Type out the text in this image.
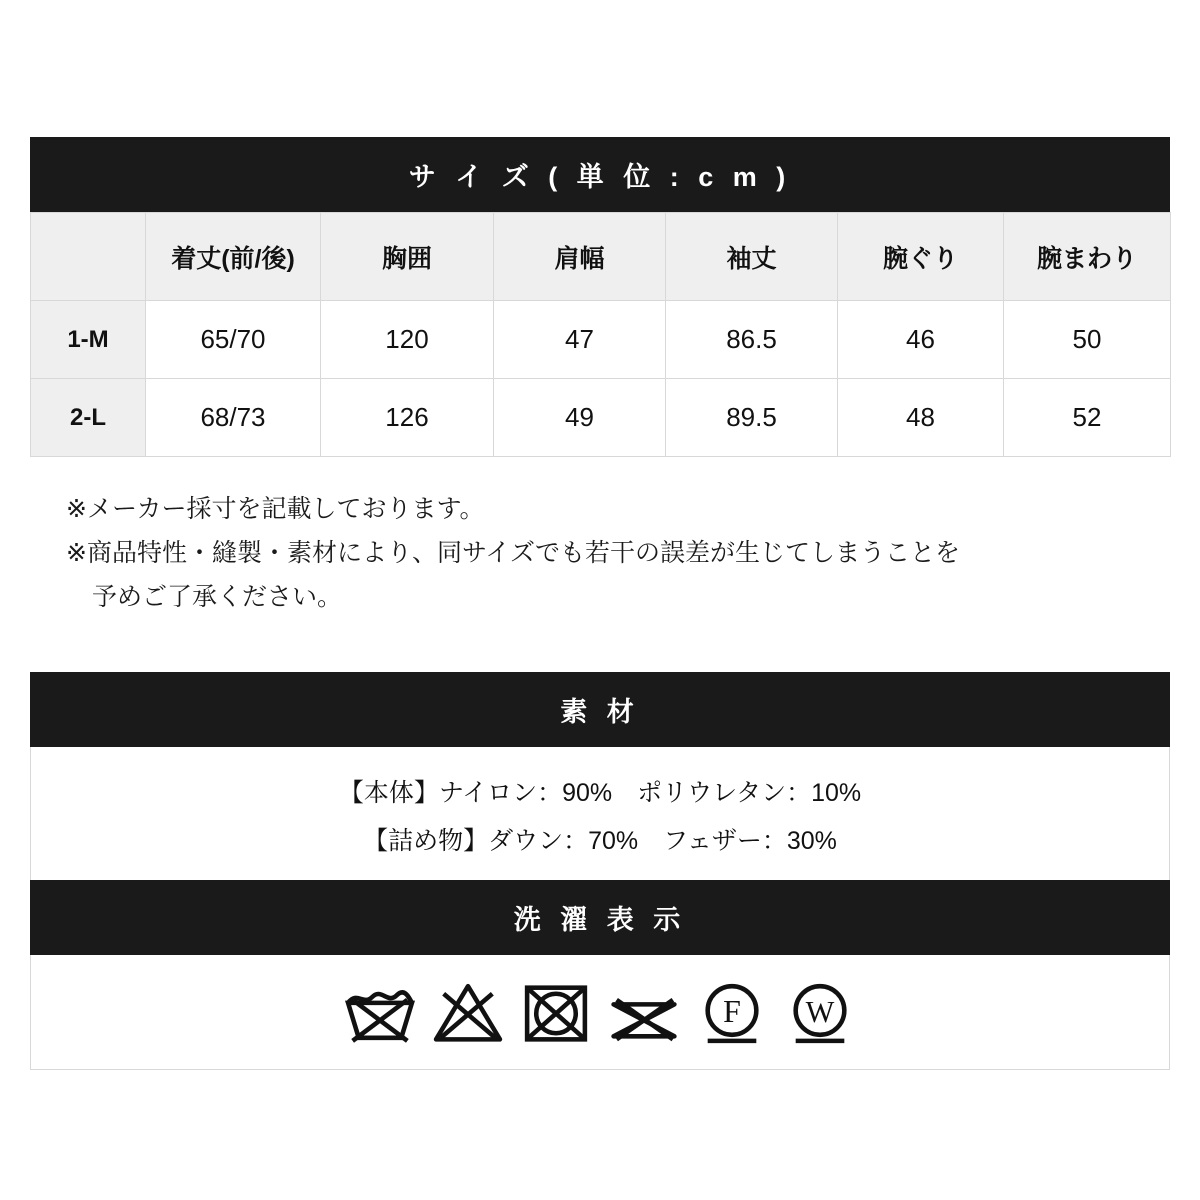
サ イ ズ ( 単 位 : c m )
	着丈(前/後)	胸囲	肩幅	袖丈	腕ぐり	腕まわり
1-M	65/70	120	47	86.5	46	50
2-L	68/73	126	49	89.5	48	52
※メーカー採寸を記載しております。
※商品特性・縫製・素材により、同サイズでも若干の誤差が生じてしまうことを
予めご了承ください。
素 材
【本体】ナイロン：90%　ポリウレタン：10%
【詰め物】ダウン：70%　フェザー：30%
洗 濯 表 示
F W
